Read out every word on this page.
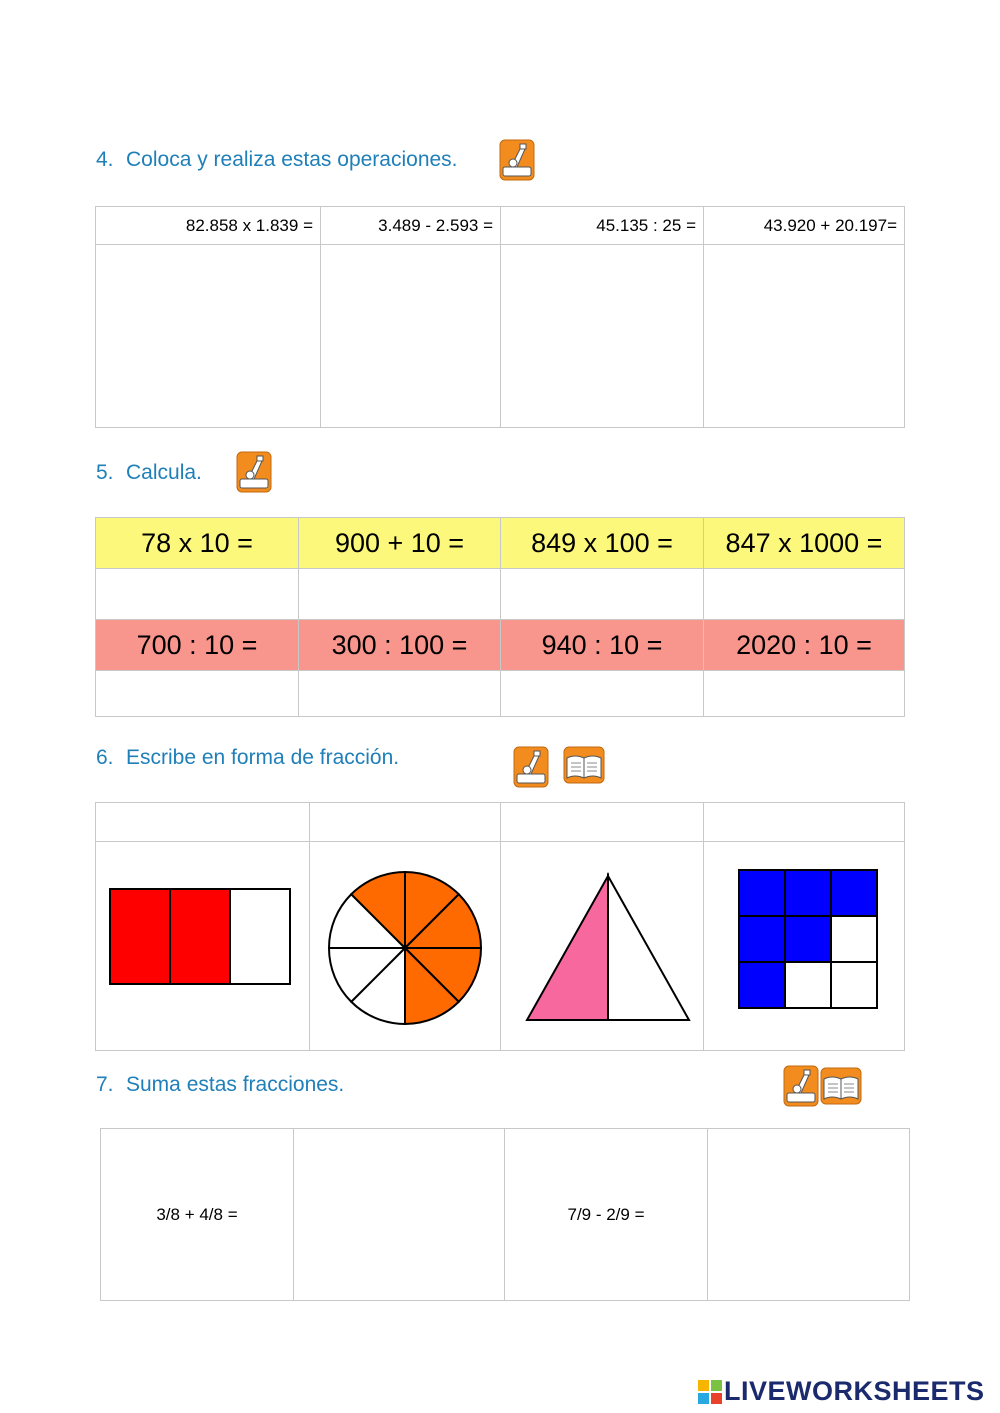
4. Coloca y realiza estas operaciones.
82.858 x 1.839 =	3.489 - 2.593 =	45.135 : 25 =	43.920 + 20.197=

5. Calcula.
78 x 10 =	900 + 10 =	849 x 100 =	847 x 1000 =

700 : 10 =	300 : 100 =	940 : 10 =	2020 : 10 =

6. Escribe en forma de fracción.

7. Suma estas fracciones.
3/8 + 4/8 =		7/9 - 2/9 =	
LIVEWORKSHEETS
